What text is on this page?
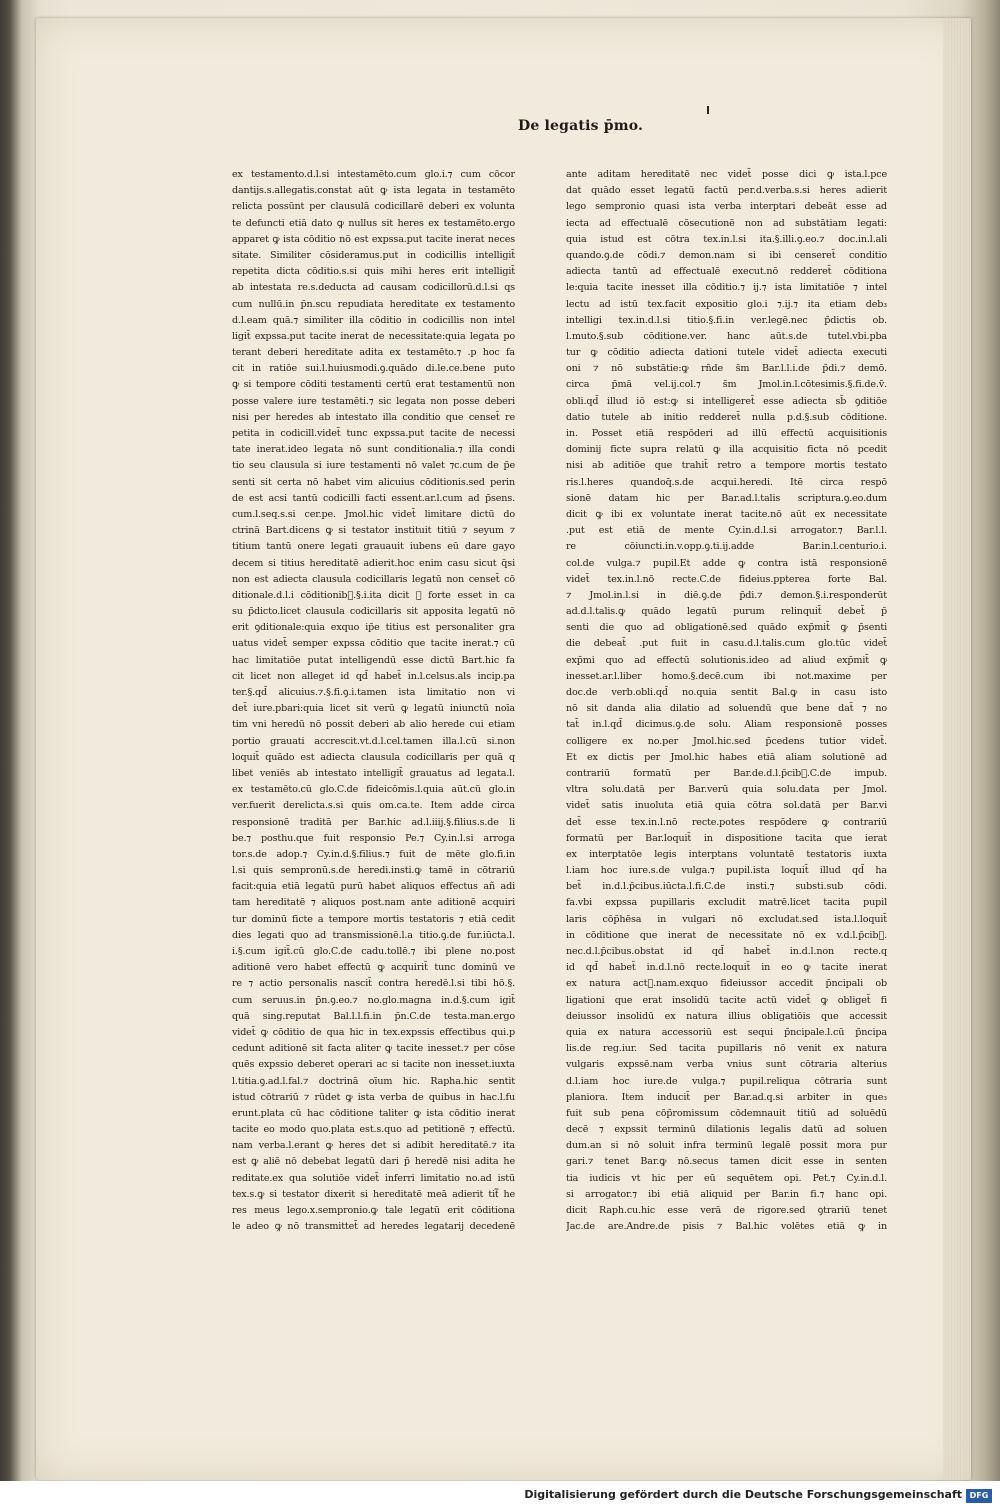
De legatis p̄mo.
ex testamento.d.l.si intestamēto.cum glo.i.⁊ cum cōcor
dantijs.s.allegatis.constat aūt ꝙ ista legata in testamēto
relicta possūnt per clausulā codicillarē deberi ex volunta
te defuncti etiā dato ꝙ nullus sit heres ex testamēto.ergo
apparet ꝙ ista cōditio nō est expssa.put tacite inerat neces
sitate. Similiter cōsideramus.put in codicillis intelligit̄
repetita dicta cōditio.s.si quis mihi heres erit intelligit̄
ab intestata re.s.deducta ad causam codicillorū.d.l.si qs
cum nullū.in p̄n.scu repudiata hereditate ex testamento
d.l.eam quā.⁊ similiter illa cōditio in codicillis non intel
ligit̄ expssa.put tacite inerat de necessitate:quia legata po
terant deberi hereditate adita ex testamēto.⁊ .p hoc fa
cit in ratiōe sui.l.huiusmodi.ꝯ.quādo di.le.ce.bene puto
ꝙ si tempore cōditi testamenti certū erat testamentū non
posse valere iure testamēti.⁊ sic legata non posse deberi
nisi per heredes ab intestato illa conditio que censet̄ re
petita in codicill.videt̄ tunc expssa.put tacite de necessi
tate inerat.ideo legata nō sunt conditionalia.⁊ illa condi
tio seu clausula si iure testamenti nō valet ⁊c.cum de p̄e
senti sit certa nō habet vim alicuius cōditionis.sed perin
de est acsi tantū codicilli facti essent.ar.l.cum ad p̄sens.
cum.l.seq.s.si cer.pe. Jmol.hic videt̄ limitare dictū do
ctrinā Bart.dicens ꝙ si testator instituit titiū ⁊ seyum ⁊
titium tantū onere legati grauauit iubens eū dare gayo
decem si titius hereditatē adierit.hoc enim casu sicut q̄si
non est adiecta clausula codicillaris legatū non censet̄ cō
ditionale.d.l.i cōditionib᷑.§.i.ita dicit ꝙ forte esset in ca
su p̄dicto.licet clausula codicillaris sit apposita legatū nō
erit ꝯditionale:quia exquo ip̄e titius est personaliter gra
uatus videt̄ semper expssa cōditio que tacite inerat.⁊ cū
hac limitatiōe putat intelligendū esse dictū Bart.hic fa
cit licet non alleget id qd̄ habet̄ in.l.celsus.als incip.pa
ter.§.qd̄ alicuius.⁊.§.fi.ꝯ.i.tamen ista limitatio non vi
det̄ iure.pbari:quia licet sit verū ꝙ legatū iniunctū noīa
tim vni heredū nō possit deberi ab alio herede cui etiam
portio grauati accrescit.vt.d.l.cel.tamen illa.l.cū si.non
loquit̄ quādo est adiecta clausula codicillaris per quā q
libet veniēs ab intestato intelligit̄ grauatus ad legata.l.
ex testamēto.cū glo.C.de fideicōmis.l.quia aūt.cū glo.in
ver.fuerit derelicta.s.si quis om.ca.te. Item adde circa
responsionē traditā per Bar.hic ad.l.iiij.§.filius.s.de li
be.⁊ posthu.que fuit responsio Pe.⁊ Cy.in.l.si arroga
tor.s.de adop.⁊ Cy.in.d.§.filius.⁊ fuit de mēte glo.fi.in
l.si quis sempronū.s.de heredi.insti.ꝙ tamē in cōtrariū
facit:quia etiā legatū purū habet aliquos effectus añ adi
tam hereditatē ⁊ aliquos post.nam ante aditionē acquiri
tur dominū ficte a tempore mortis testatoris ⁊ etiā cedit
dies legati quo ad transmissionē.l.a titio.ꝯ.de fur.iūcta.l.
i.§.cum igit̄.cū glo.C.de cadu.tollē.⁊ ibi plene no.post
aditionē vero habet effectū ꝙ acquirit̄ tunc dominū ve
re ⁊ actio personalis nascit̄ contra heredē.l.si tibi hō.§.
cum seruus.in p̄n.ꝯ.eo.⁊ no.glo.magna in.d.§.cum igit̄
quā sing.reputat Bal.l.l.fi.in p̄n.C.de testa.man.ergo
videt̄ ꝙ cōditio de qua hic in tex.expssis effectibus qui.p
cedunt aditionē sit facta aliter ꝙ tacite inesset.⁊ per cōse
quēs expssio deberet operari ac si tacite non inesset.iuxta
l.titia.ꝯ.ad.l.fal.⁊ doctrinā oīum hic. Rapha.hic sentit
istud cōtrariū ⁊ rūdet ꝙ ista verba de quibus in hac.l.fu
erunt.plata cū hac cōditione taliter ꝙ ista cōditio inerat
tacite eo modo quo.plata est.s.quo ad petitionē ⁊ effectū.
nam verba.l.erant ꝙ heres det si adibit hereditatē.⁊ ita
est ꝙ aliē nō debebat legatū dari p̄ heredē nisi adita he
reditate.ex qua solutiōe videt̄ inferri limitatio no.ad istū
tex.s.ꝙ si testator dixerit si hereditatē meā adierit tit᷑ he
res meus lego.x.sempronio.ꝙ tale legatū erit cōditiona
le adeo ꝙ nō transmittet̄ ad heredes legatarij decedenē
ante aditam hereditatē nec videt̄ posse dici ꝙ ista.l.pce
dat quādo esset legatū factū per.d.verba.s.si heres adierit
lego sempronio quasi ista verba interptari debeāt esse ad
iecta ad effectualē cōsecutionē non ad substātiam legati:
quia istud est cōtra tex.in.l.si ita.§.illi.ꝯ.eo.⁊ doc.in.l.ali
quando.ꝯ.de cōdi.⁊ demon.nam si ibi censeret̄ conditio
adiecta tantū ad effectualē execut.nō redderet̄ cōditiona
le:quia tacite inesset illa cōditio.⁊ ij.⁊ ista limitatiōe ⁊ intel
lectu ad istū tex.facit expositio glo.i ⁊.ij.⁊ ita etiam deb₃
intelligi tex.in.d.l.si titio.§.fi.in ver.legē.nec p̄dictis ob.
l.muto.§.sub cōditione.ver. hanc aūt.s.de tutel.vbi.pba
tur ꝙ cōditio adiecta dationi tutele videt̄ adiecta executi
oni ⁊ nō substātie:ꝙ rn̄de s̄m Bar.l.l.i.de p̄di.⁊ demō.
circa p̄mā vel.ij.col.⁊ s̄m Jmol.in.l.cōtesimis.§.fi.de.v̄.
obli.qd̄ illud iō est:ꝙ si intelligeret̄ esse adiecta sb̄ ꝯditiōe
datio tutele ab initio redderet̄ nulla p.d.§.sub cōditione.
in. Posset etiā respōderi ad illū effectū acquisitionis
dominij ficte supra relatū ꝙ illa acquisitio ficta nō pcedit
nisi ab aditiōe que trahit̄ retro a tempore mortis testato
ris.l.heres quandoq̄.s.de acqui.heredi. Itē circa respō
sionē datam hic per Bar.ad.l.talis scriptura.ꝯ.eo.dum
dicit ꝙ ibi ex voluntate inerat tacite.nō aūt ex necessitate
.put est etiā de mente Cy.in.d.l.si arrogator.⁊ Bar.l.l.
re cōiuncti.in.v.opp.ꝯ.ti.ij.adde Bar.in.l.centurio.i.
col.de vulga.⁊ pupil.Et adde ꝙ contra istā responsionē
videt̄ tex.in.l.nō recte.C.de fideius.ppterea forte Bal.
⁊ Jmol.in.l.si in diē.ꝯ.de p̄di.⁊ demon.§.i.responderūt
ad.d.l.talis.ꝙ quādo legatū purum relinquit̄ debet̄ p̄
senti die quo ad obligationē.sed quādo exp̄mit̄ ꝙ p̄senti
die debeat̄ .put fuit in casu.d.l.talis.cum glo.tūc videt̄
exp̄mi quo ad effectū solutionis.ideo ad aliud exp̄mit̄ ꝙ
inesset.ar.l.liber homo.§.decē.cum ibi not.maxime per
doc.de verb.obli.qd̄ no.quia sentit Bal.ꝙ in casu isto
nō sit danda alia dilatio ad soluendū que bene dat̄ ⁊ no
tat̄ in.l.qd̄ dicimus.ꝯ.de solu. Aliam responsionē posses
colligere ex no.per Jmol.hic.sed p̄cedens tutior videt̄.
Et ex dictis per Jmol.hic habes etiā aliam solutionē ad
contrariū formatū per Bar.de.d.l.p̄cib᷑.C.de impub.
vltra solu.datā per Bar.verū quia solu.data per Jmol.
videt̄ satis inuoluta etiā quia cōtra sol.datā per Bar.vi
det̄ esse tex.in.l.nō recte.potes respōdere ꝙ contrariū
formatū per Bar.loquit̄ in dispositione tacita que ierat
ex interptatōe legis interptans voluntatē testatoris iuxta
l.iam hoc iure.s.de vulga.⁊ pupil.ista loquit̄ illud qd̄ ha
bet̄ in.d.l.p̄cibus.iūcta.l.fi.C.de insti.⁊ substi.sub cōdi.
fa.vbi expssa pupillaris excludit matrē.licet tacita pupil
laris cōp̄hēsa in vulgari nō excludat.sed ista.l.loquit̄
in cōditione que inerat de necessitate nō ex v.d.l.p̄cib᷑.
nec.d.l.p̄cibus.obstat id qd̄ habet̄ in.d.l.non recte.q
id qd̄ habet̄ in.d.l.nō recte.loquit̄ in eo ꝙ tacite inerat
ex natura act᷑.nam.exquo fideiussor accedit p̄ncipali ob
ligationi que erat insolidū tacite actū videt̄ ꝙ obliget̄ fi
deiussor insolidū ex natura illius obligatiōis que accessit
quia ex natura accessoriū est sequi p̄ncipale.l.cū p̄ncipa
lis.de reg.iur. Sed tacita pupillaris nō venit ex natura
vulgaris expssē.nam verba vnius sunt cōtraria alterius
d.l.iam hoc iure.de vulga.⁊ pupil.reliqua cōtraria sunt
planiora. Item inducit̄ per Bar.ad.q.si arbiter in que₃
fuit sub pena cōp̄romissum cōdemnauit titiū ad soluēdū
decē ⁊ expssit terminū dilationis legalis datū ad soluen
dum.an si nō soluit infra terminū legalē possit mora pur
gari.⁊ tenet Bar.ꝙ nō.secus tamen dicit esse in senten
tia iudicis vt hic per eū sequētem opi. Pet.⁊ Cy.in.d.l.
si arrogator.⁊ ibi etiā aliquid per Bar.in fi.⁊ hanc opi.
dicit Raph.cu.hic esse verā de rigore.sed ꝯtrariū tenet
Jac.de are.Andre.de pisis ⁊ Bal.hic volētes etiā ꝙ in
Digitalisierung gefördert durch die Deutsche Forschungsgemeinschaft DFG
